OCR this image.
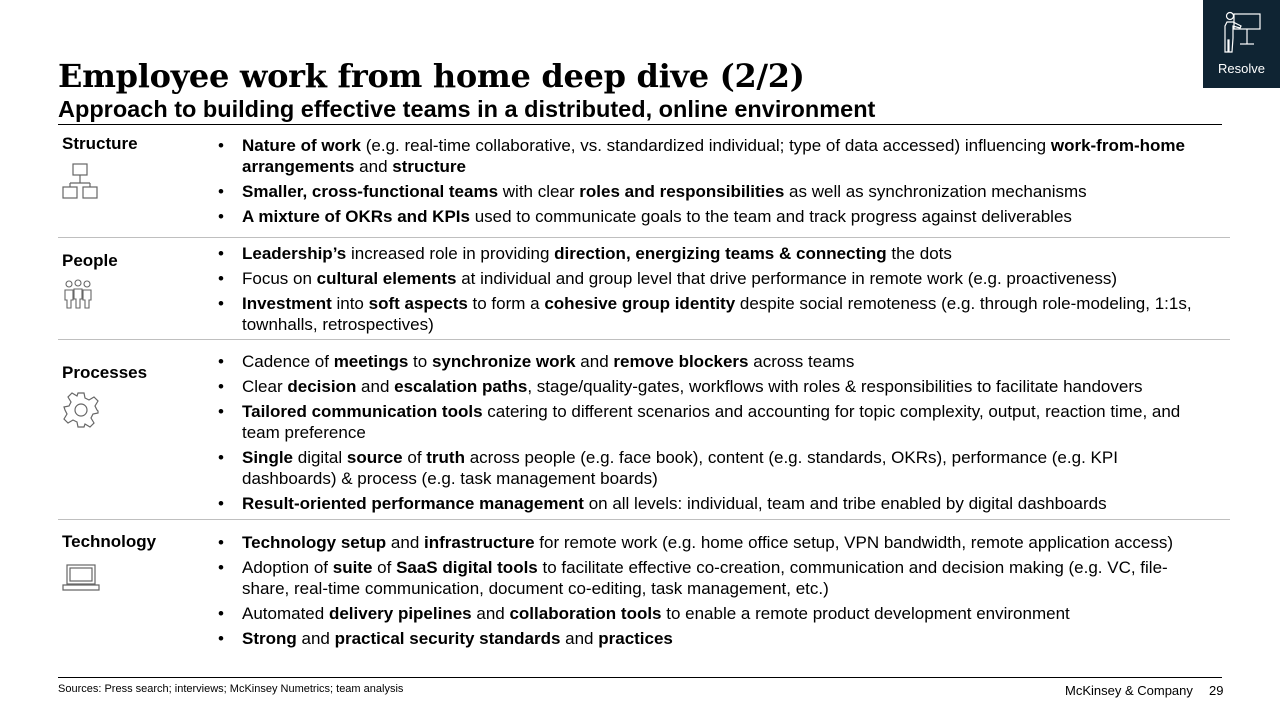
Resolve
Employee work from home deep dive (2/2)
Approach to building effective teams in a distributed, online environment
Structure	• Nature of work (e.g. real-time collaborative, vs. standardized individual; type of data accessed) influencing work-from-home arrangements and structure
• Smaller, cross-functional teams with clear roles and responsibilities as well as synchronization mechanisms
• A mixture of OKRs and KPIs used to communicate goals to the team and track progress against deliverables
People	• Leadership’s increased role in providing direction, energizing teams & connecting the dots
• Focus on cultural elements at individual and group level that drive performance in remote work (e.g. proactiveness)
• Investment into soft aspects to form a cohesive group identity despite social remoteness (e.g. through role-modeling, 1:1s, townhalls, retrospectives)
Processes
• Cadence of meetings to synchronize work and remove blockers across teams
• Clear decision and escalation paths, stage/quality-gates, workflows with roles & responsibilities to facilitate handovers
• Tailored communication tools catering to different scenarios and accounting for topic complexity, output, reaction time, and team preference
• Single digital source of truth across people (e.g. face book), content (e.g. standards, OKRs), performance (e.g. KPI dashboards) & process (e.g. task management boards)
• Result-oriented performance management on all levels: individual, team and tribe enabled by digital dashboards
Technology	• Technology setup and infrastructure for remote work (e.g. home office setup, VPN bandwidth, remote application access)
• Adoption of suite of SaaS digital tools to facilitate effective co-creation, communication and decision making (e.g. VC, file-share, real-time communication, document co-editing, task management, etc.)
• Automated delivery pipelines and collaboration tools to enable a remote product development environment
• Strong and practical security standards and practices
Sources: Press search; interviews; McKinsey Numetrics; team analysis	McKinsey & Company 29
